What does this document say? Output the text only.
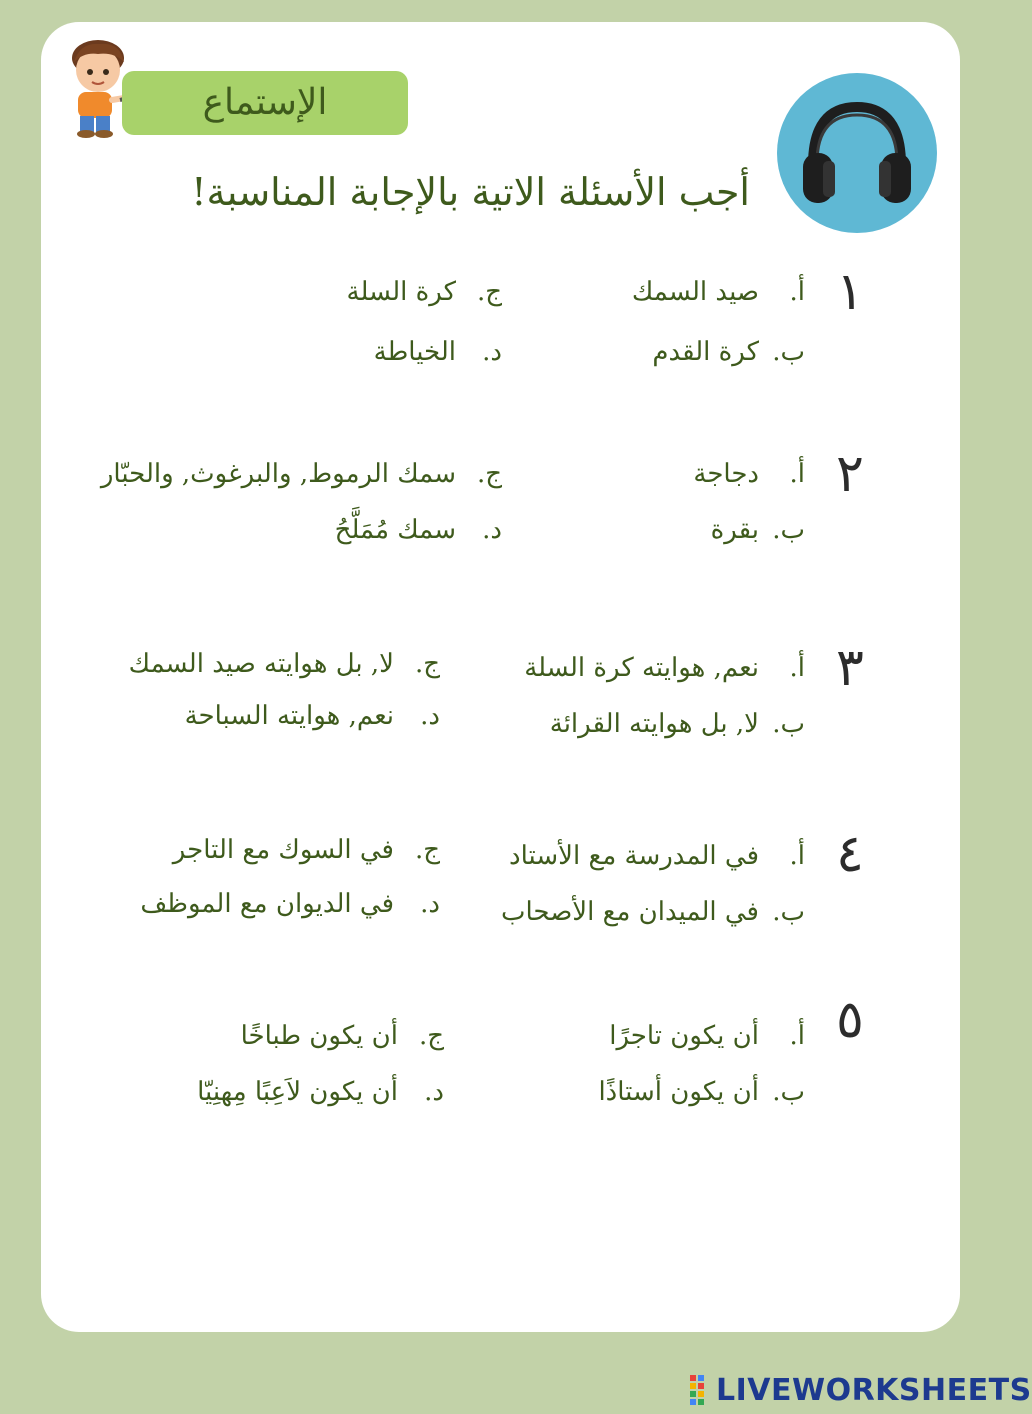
الإستماع
أجب الأسئلة الاتية بالإجابة المناسبة!
١
أ.صيد السمك
ب.كرة القدم
ج.كرة السلة
د.الخياطة
٢
أ.دجاجة
ب.بقرة
ج.سمك الرموط, والبرغوث, والحبّار
د.سمك مُمَلَّحُ
٣
أ.نعم, هوايته كرة السلة
ب.لا, بل هوايته القرائة
ج.لا, بل هوايته صيد السمك
د.نعم, هوايته السباحة
٤
أ.في المدرسة مع الأستاد
ب.في الميدان مع الأصحاب
ج.في السوك مع التاجر
د.في الديوان مع الموظف
٥
أ.أن يكون تاجرًا
ب.أن يكون أستاذًا
ج.أن يكون طباخًا
د.أن يكون لاَعِبًا مِهنِيّا
LIVEWORKSHEETS
